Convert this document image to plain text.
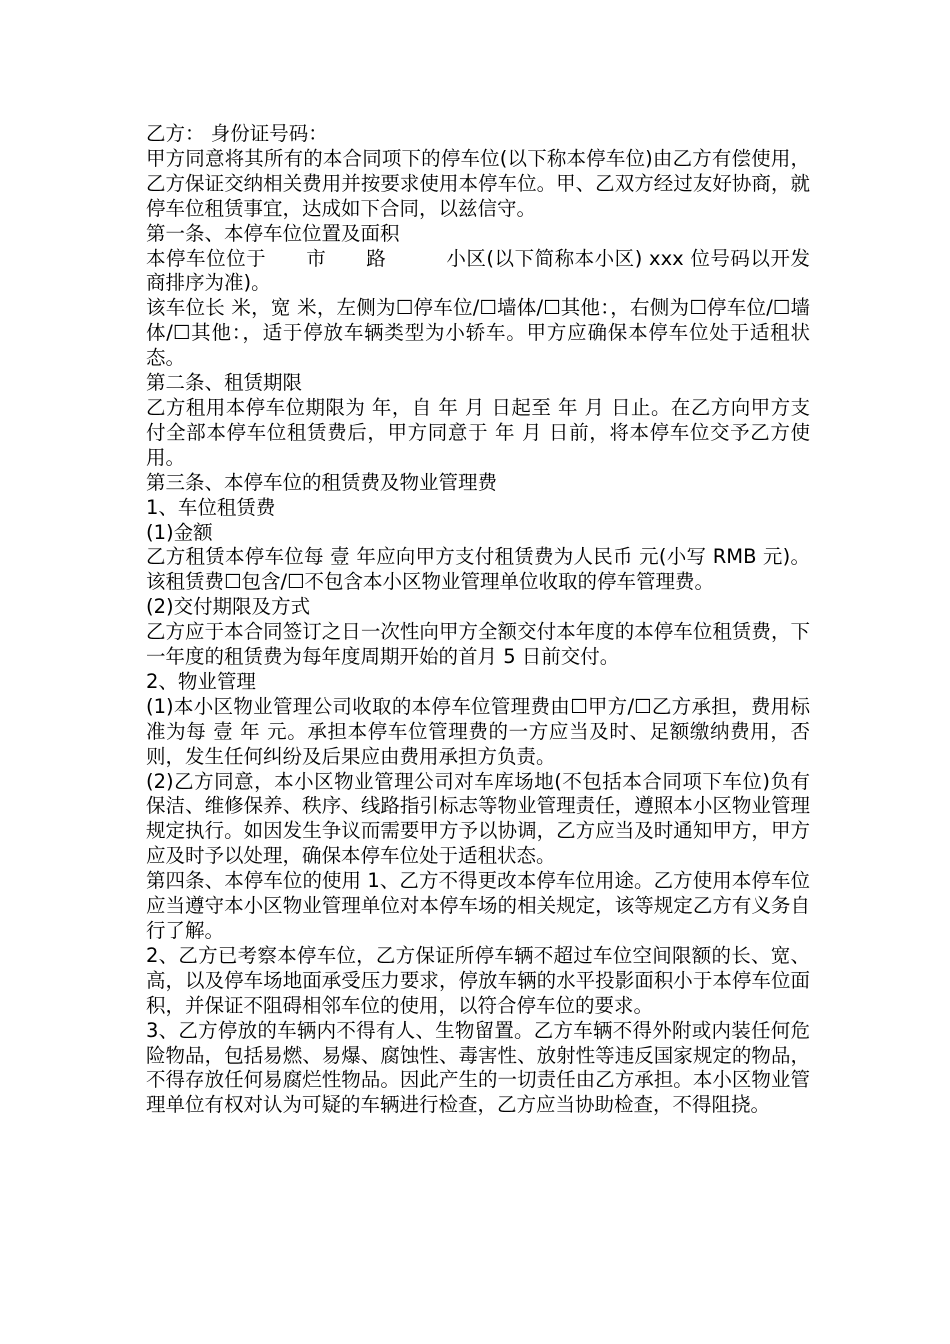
乙方： 身份证号码：

甲方同意将其所有的本合同项下的停车位(以下称本停车位)由乙方有偿使用，乙方保证交纳相关费用并按要求使用本停车位。甲、乙双方经过友好协商，就停车位租赁事宜，达成如下合同，以兹信守。

第一条、本停车位位置及面积

本停车位位于　　市　　路　　　小区(以下简称本小区) xxx 位号码以开发商排序为准)。

该车位长 米，宽 米，左侧为☐停车位/☐墙体/☐其他：，右侧为☐停车位/☐墙体/☐其他：，适于停放车辆类型为小轿车。甲方应确保本停车位处于适租状态。

第二条、租赁期限

乙方租用本停车位期限为 年，自 年 月 日起至 年 月 日止。在乙方向甲方支付全部本停车位租赁费后，甲方同意于 年 月 日前，将本停车位交予乙方使用。

第三条、本停车位的租赁费及物业管理费

1、车位租赁费

(1)金额

乙方租赁本停车位每 壹 年应向甲方支付租赁费为人民币 元(小写 RMB 元)。该租赁费☐包含/☐不包含本小区物业管理单位收取的停车管理费。

(2)交付期限及方式

乙方应于本合同签订之日一次性向甲方全额交付本年度的本停车位租赁费，下一年度的租赁费为每年度周期开始的首月 5 日前交付。

2、物业管理

(1)本小区物业管理公司收取的本停车位管理费由☐甲方/☐乙方承担，费用标准为每 壹 年 元。承担本停车位管理费的一方应当及时、足额缴纳费用，否则，发生任何纠纷及后果应由费用承担方负责。

(2)乙方同意，本小区物业管理公司对车库场地(不包括本合同项下车位)负有保洁、维修保养、秩序、线路指引标志等物业管理责任，遵照本小区物业管理规定执行。如因发生争议而需要甲方予以协调，乙方应当及时通知甲方，甲方应及时予以处理，确保本停车位处于适租状态。

第四条、本停车位的使用 1、乙方不得更改本停车位用途。乙方使用本停车位应当遵守本小区物业管理单位对本停车场的相关规定，该等规定乙方有义务自行了解。

2、乙方已考察本停车位，乙方保证所停车辆不超过车位空间限额的长、宽、高，以及停车场地面承受压力要求，停放车辆的水平投影面积小于本停车位面积，并保证不阻碍相邻车位的使用，以符合停车位的要求。

3、乙方停放的车辆内不得有人、生物留置。乙方车辆不得外附或内装任何危险物品，包括易燃、易爆、腐蚀性、毒害性、放射性等违反国家规定的物品，不得存放任何易腐烂性物品。因此产生的一切责任由乙方承担。本小区物业管理单位有权对认为可疑的车辆进行检查，乙方应当协助检查，不得阻挠。
